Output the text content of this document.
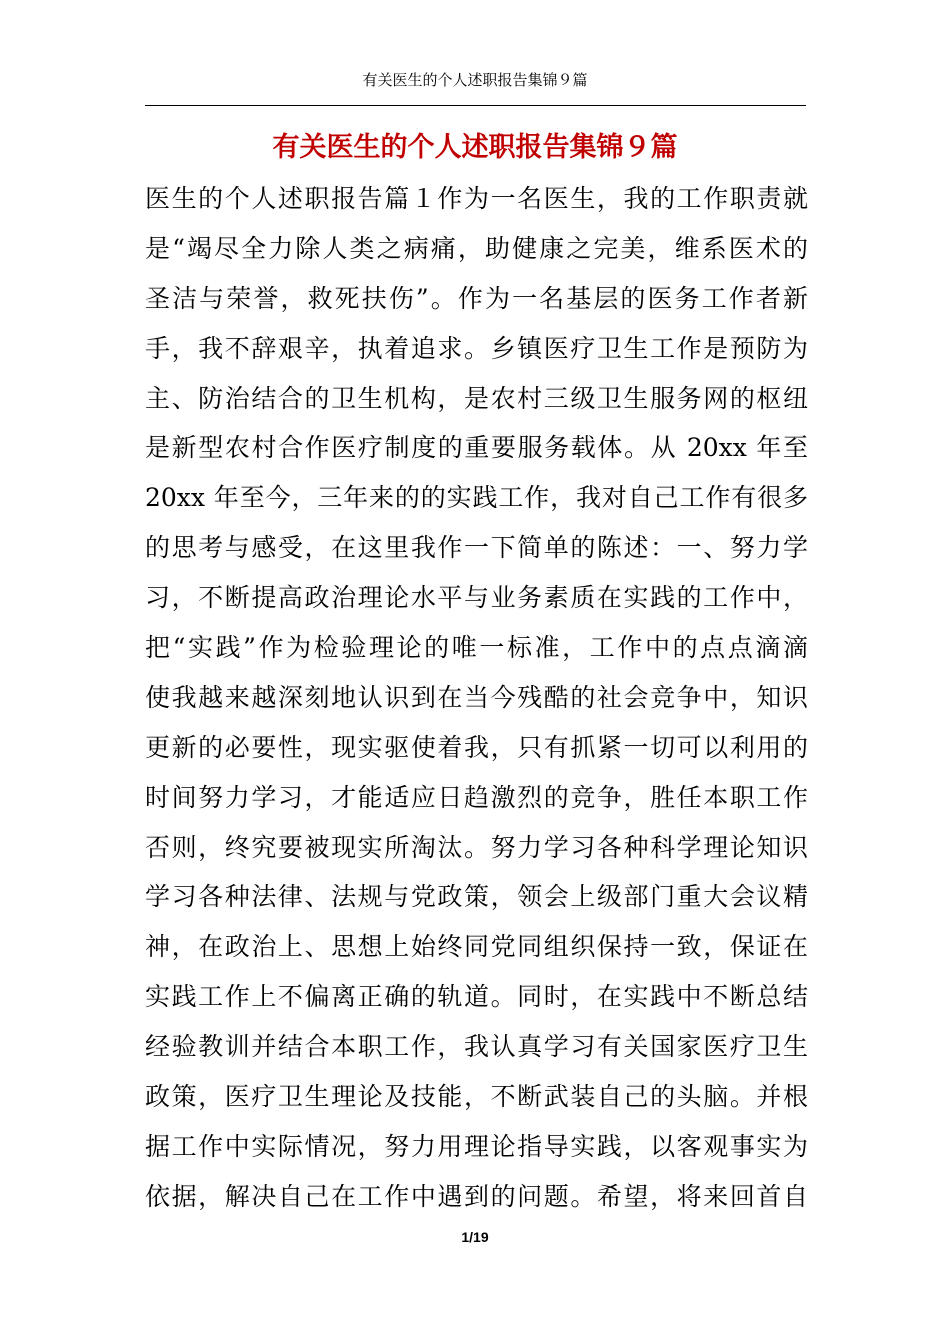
有关医生的个人述职报告集锦９篇
有关医生的个人述职报告集锦９篇
医生的个人述职报告篇１作为一名医生，我的工作职责就
是“竭尽全力除人类之病痛，助健康之完美，维系医术的
圣洁与荣誉，救死扶伤”。作为一名基层的医务工作者新
手，我不辞艰辛，执着追求。乡镇医疗卫生工作是预防为
主、防治结合的卫生机构，是农村三级卫生服务网的枢纽
是新型农村合作医疗制度的重要服务载体。从 20xx 年至
20xx 年至今，三年来的的实践工作，我对自己工作有很多
的思考与感受，在这里我作一下简单的陈述：一、努力学
习，不断提高政治理论水平与业务素质在实践的工作中，
把“实践”作为检验理论的唯一标准，工作中的点点滴滴
使我越来越深刻地认识到在当今残酷的社会竞争中，知识
更新的必要性，现实驱使着我，只有抓紧一切可以利用的
时间努力学习，才能适应日趋激烈的竞争，胜任本职工作
否则，终究要被现实所淘汰。努力学习各种科学理论知识
学习各种法律、法规与党政策，领会上级部门重大会议精
神，在政治上、思想上始终同党同组织保持一致，保证在
实践工作上不偏离正确的轨道。同时，在实践中不断总结
经验教训并结合本职工作，我认真学习有关国家医疗卫生
政策，医疗卫生理论及技能，不断武装自己的头脑。并根
据工作中实际情况，努力用理论指导实践，以客观事实为
依据，解决自己在工作中遇到的问题。希望，将来回首自
1/19
